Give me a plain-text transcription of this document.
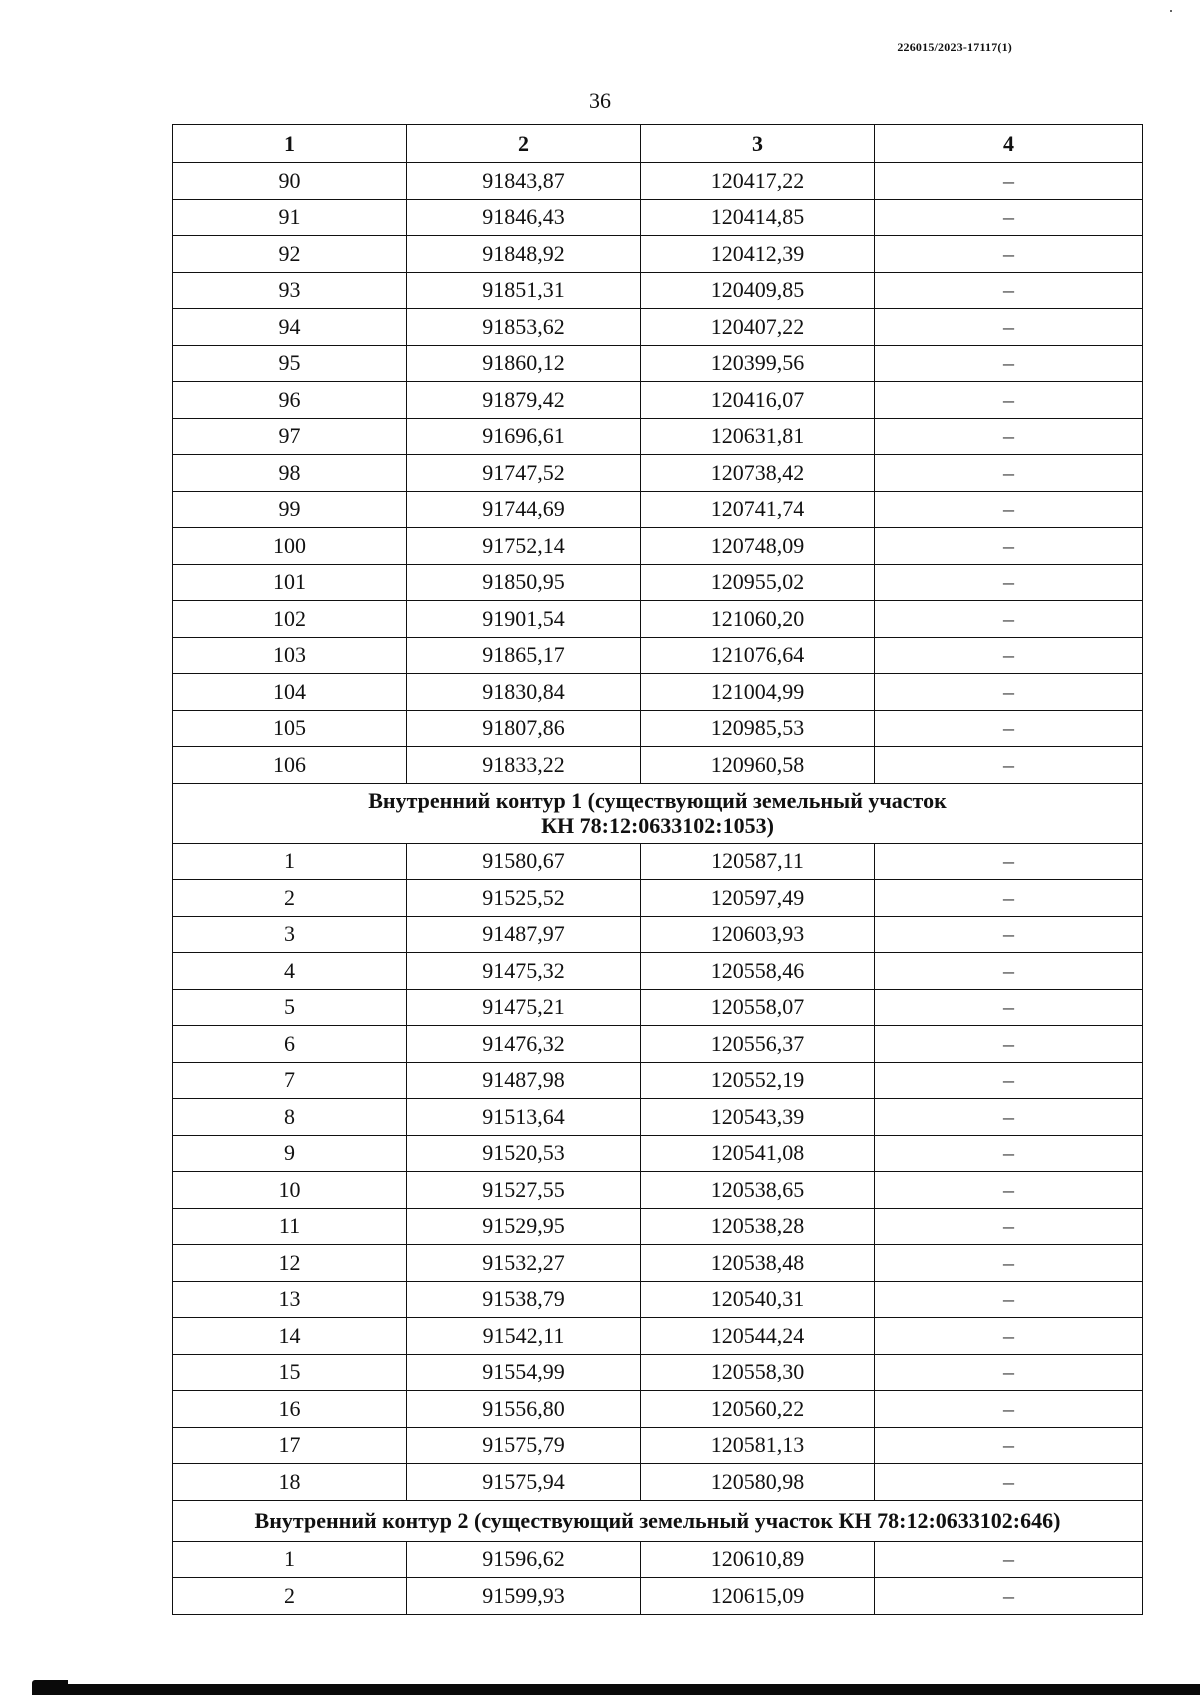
226015/2023-17117(1)
36
1	2	3	4
90	91843,87	120417,22	–
91	91846,43	120414,85	–
92	91848,92	120412,39	–
93	91851,31	120409,85	–
94	91853,62	120407,22	–
95	91860,12	120399,56	–
96	91879,42	120416,07	–
97	91696,61	120631,81	–
98	91747,52	120738,42	–
99	91744,69	120741,74	–
100	91752,14	120748,09	–
101	91850,95	120955,02	–
102	91901,54	121060,20	–
103	91865,17	121076,64	–
104	91830,84	121004,99	–
105	91807,86	120985,53	–
106	91833,22	120960,58	–

Внутренний контур 1 (существующий земельный участок
КН 78:12:0633102:1053)			

1	91580,67	120587,11	–
2	91525,52	120597,49	–
3	91487,97	120603,93	–
4	91475,32	120558,46	–
5	91475,21	120558,07	–
6	91476,32	120556,37	–
7	91487,98	120552,19	–
8	91513,64	120543,39	–
9	91520,53	120541,08	–
10	91527,55	120538,65	–
11	91529,95	120538,28	–
12	91532,27	120538,48	–
13	91538,79	120540,31	–
14	91542,11	120544,24	–
15	91554,99	120558,30	–
16	91556,80	120560,22	–
17	91575,79	120581,13	–
18	91575,94	120580,98	–

Внутренний контур 2 (существующий земельный участок КН 78:12:0633102:646)			

1	91596,62	120610,89	–
2	91599,93	120615,09	–
